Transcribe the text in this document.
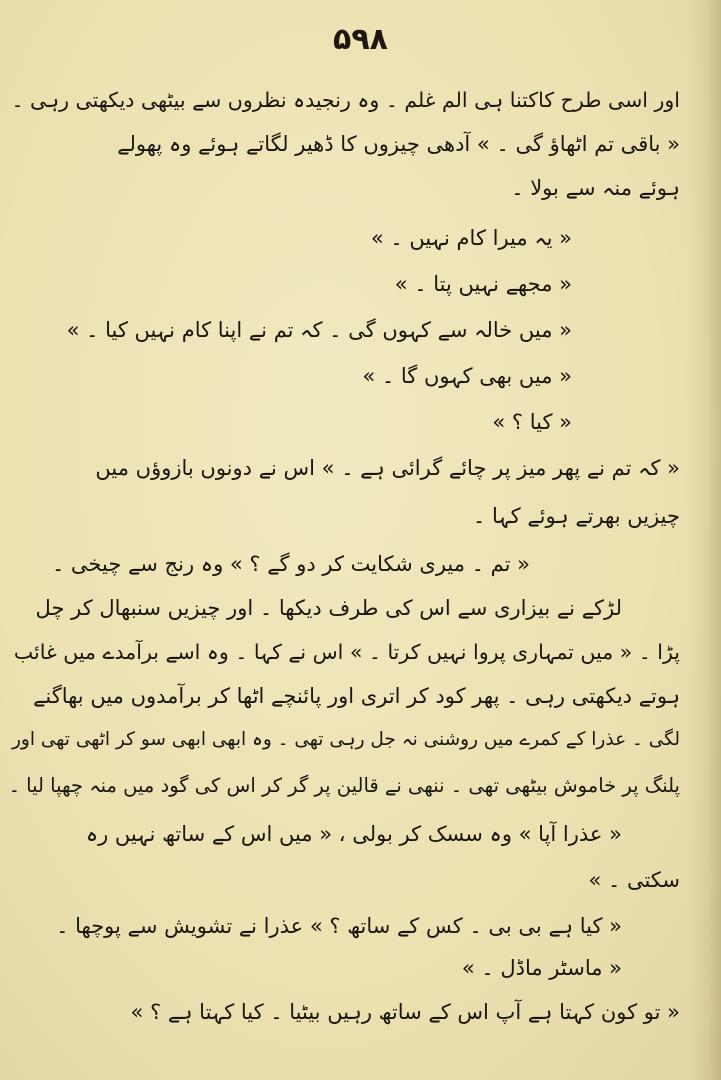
۵۹۸
اور اسی طرح کاکتنا ہی الم غلم ۔ وہ رنجیدہ نظروں سے بیٹھی دیکھتی رہی ۔
« باقی تم اٹھاؤ گی ۔ » آدھی چیزوں کا ڈھیر لگاتے ہوئے وہ پھولے
ہوئے منہ سے بولا ۔
« یہ میرا کام نہیں ۔ »
« مجھے نہیں پتا ۔ »
« میں خالہ سے کہوں گی ۔ کہ تم نے اپنا کام نہیں کیا ۔ »
« میں بھی کہوں گا ۔ »
« کیا ؟ »
« کہ تم نے پھر میز پر چائے گرائی ہے ۔ » اس نے دونوں بازوؤں میں
چیزیں بھرتے ہوئے کہا ۔
« تم ۔ میری شکایت کر دو گے ؟ » وہ رنج سے چیخی ۔
لڑکے نے بیزاری سے اس کی طرف دیکھا ۔ اور چیزیں سنبھال کر چل
پڑا ۔ « میں تمہاری پروا نہیں کرتا ۔ » اس نے کہا ۔ وہ اسے برآمدے میں غائب
ہوتے دیکھتی رہی ۔ پھر کود کر اتری اور پائنچے اٹھا کر برآمدوں میں بھاگنے
لگی ۔ عذرا کے کمرے میں روشنی نہ جل رہی تھی ۔ وہ ابھی ابھی سو کر اٹھی تھی اور
پلنگ پر خاموش بیٹھی تھی ۔ ننھی نے قالین پر گر کر اس کی گود میں منہ چھپا لیا ۔
« عذرا آپا » وہ سسک کر بولی ، « میں اس کے ساتھ نہیں رہ
سکتی ۔ »
« کیا ہے بی بی ۔ کس کے ساتھ ؟ » عذرا نے تشویش سے پوچھا ۔
« ماسٹر ماڈل ۔ »
« تو کون کہتا ہے آپ اس کے ساتھ رہیں بیٹیا ۔ کیا کہتا ہے ؟ »
